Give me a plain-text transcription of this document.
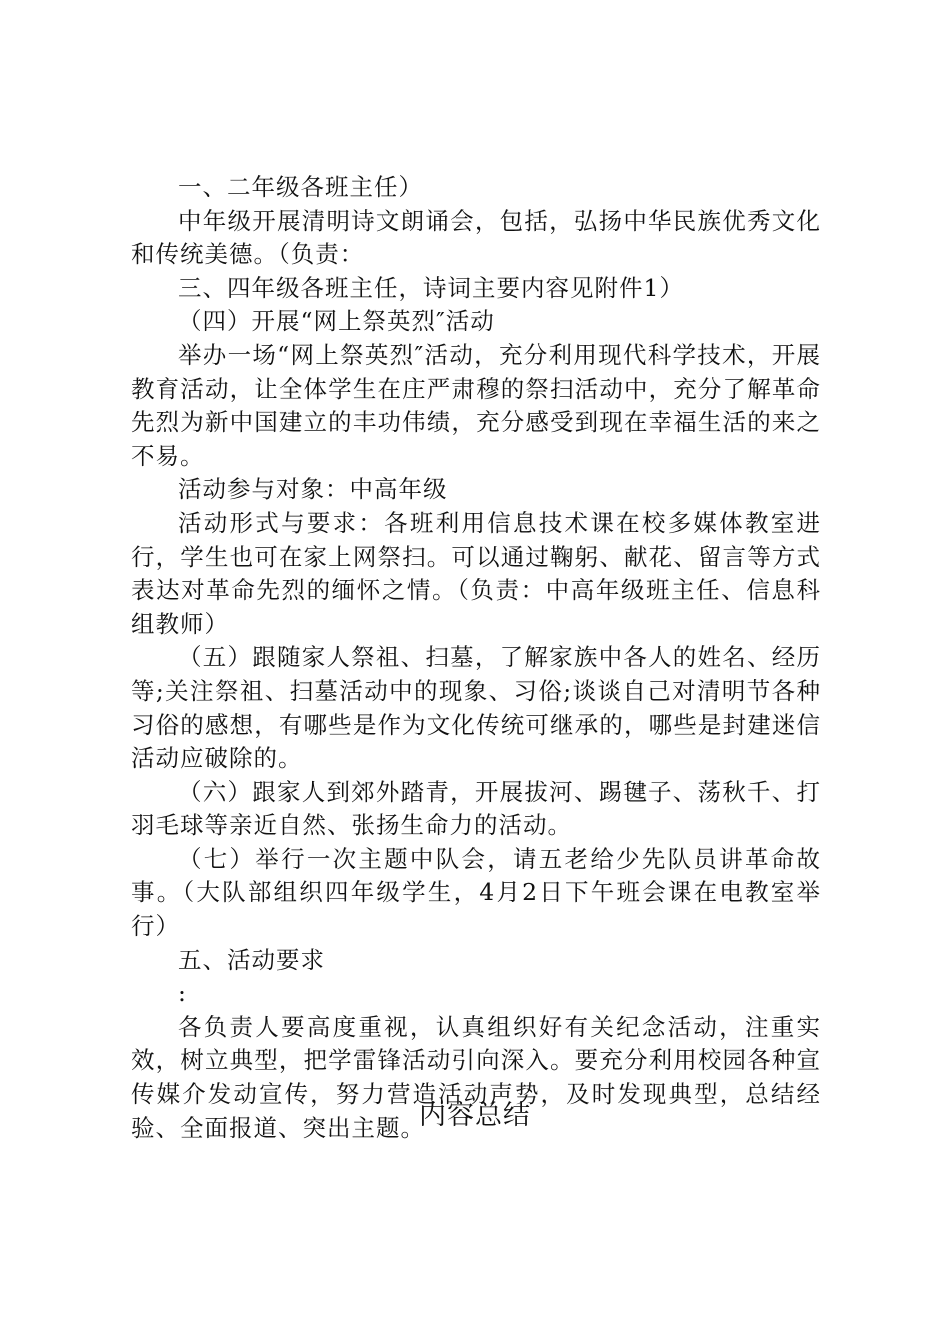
一、二年级各班主任）

中年级开展清明诗文朗诵会，包括，弘扬中华民族优秀文化和传统美德。（负责：

三、四年级各班主任，诗词主要内容见附件1）

（四）开展“网上祭英烈″活动

举办一场“网上祭英烈″活动，充分利用现代科学技术，开展教育活动，让全体学生在庄严肃穆的祭扫活动中，充分了解革命先烈为新中国建立的丰功伟绩，充分感受到现在幸福生活的来之不易。

活动参与对象：中高年级

活动形式与要求：各班利用信息技术课在校多媒体教室进行，学生也可在家上网祭扫。可以通过鞠躬、献花、留言等方式表达对革命先烈的缅怀之情。（负责：中高年级班主任、信息科组教师）

（五）跟随家人祭祖、扫墓，了解家族中各人的姓名、经历等;关注祭祖、扫墓活动中的现象、习俗;谈谈自己对清明节各种习俗的感想，有哪些是作为文化传统可继承的，哪些是封建迷信活动应破除的。

（六）跟家人到郊外踏青，开展拔河、踢毽子、荡秋千、打羽毛球等亲近自然、张扬生命力的活动。

（七）举行一次主题中队会，请五老给少先队员讲革命故事。（大队部组织四年级学生，4月2日下午班会课在电教室举行）

五、活动要求

:

各负责人要高度重视，认真组织好有关纪念活动，注重实效，树立典型，把学雷锋活动引向深入。要充分利用校园各种宣传媒介发动宣传，努力营造活动声势，及时发现典型，总结经验、全面报道、突出主题。

内容总结
